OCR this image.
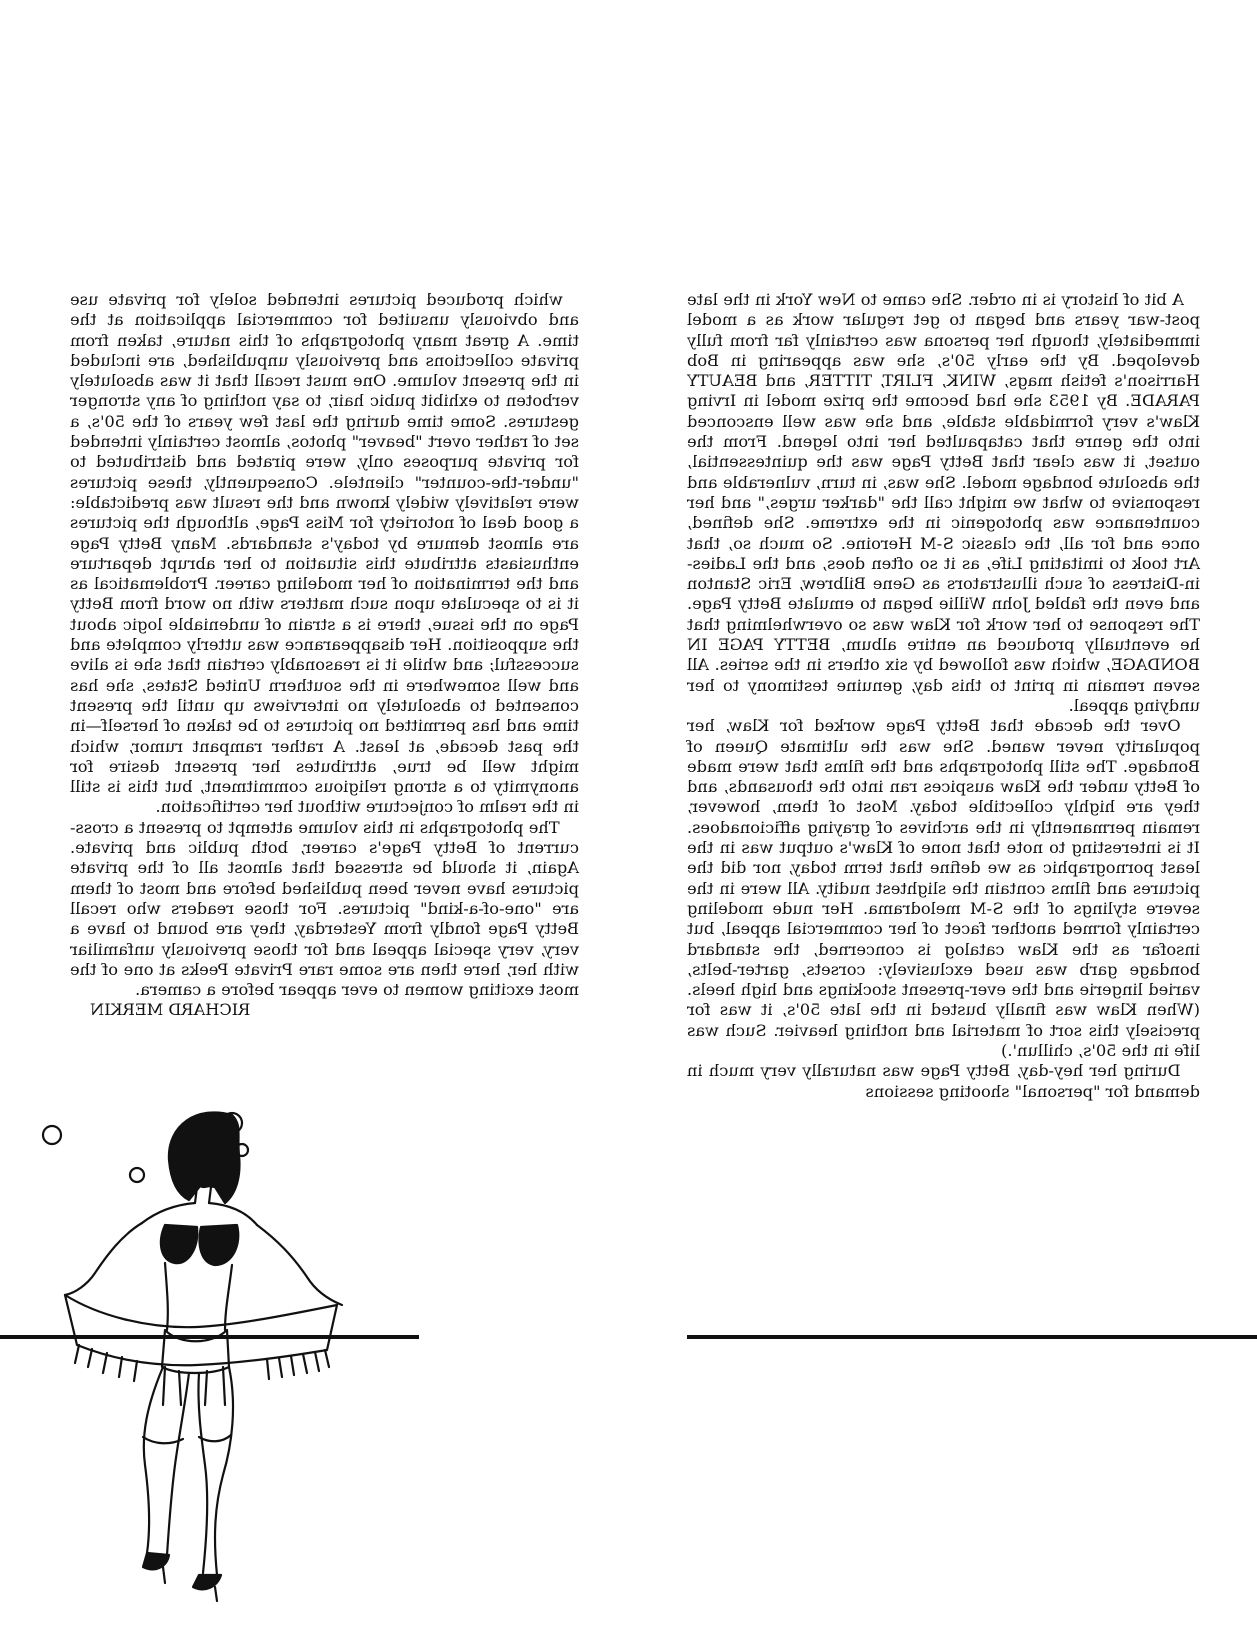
A bit of history is in order. She came to New York in the late post-war years and began to get regular work as a model immediately, though her persona was certainly far from fully developed. By the early 50's, she was appearing in Bob Harrison's fetish mags, WINK, FLIRT, TITTER, and BEAUTY PARADE. By 1953 she had become the prize model in Irving Klaw's very formidable stable, and she was well ensconced into the genre that catapaulted her into legend. From the outset, it was clear that Betty Page was the quintessential, the absolute bondage model. She was, in turn, vulnerable and responsive to what we might call the "darker urges," and her countenance was photogenic in the extreme. She defined, once and for all, the classic S-M Heroine. So much so, that Art took to imitating Life, as it so often does, and the Ladies-in-Distress of such illustrators as Gene Bilbrew, Eric Stanton and even the fabled John Willie began to emulate Betty Page. The response to her work for Klaw was so overwhelming that he eventually produced an entire album, BETTY PAGE IN BONDAGE, which was followed by six others in the series. All seven remain in print to this day, genuine testimony to her undying appeal.

Over the decade that Betty Page worked for Klaw, her popularity never waned. She was the ultimate Queen of Bondage. The still photographs and the films that were made of Betty under the Klaw auspices ran into the thousands, and they are highly collectible today. Most of them, however, remain permanently in the archives of graying afficionadoes. It is interesting to note that none of Klaw's output was in the least pornographic as we define that term today, nor did the pictures and films contain the slightest nudity. All were in the severe stylings of the S-M melodrama. Her nude modeling certainly formed another facet of her commercial appeal, but insofar as the Klaw catalog is concerned, the standard bondage garb was used exclusively: corsets, garter-belts, varied lingerie and the ever-present stockings and high heels. (When Klaw was finally busted in the late 50's, it was for precisely this sort of material and nothing heavier. Such was life in the 50's, chillun'.)

During her hey-day, Betty Page was naturally very much in demand for "personal" shooting sessions

which produced pictures intended solely for private use and obviously unsuited for commercial application at the time. A great many photographs of this nature, taken from private collections and previously unpublished, are included in the present volume. One must recall that it was absolutely verboten to exhibit pubic hair, to say nothing of any stronger gestures. Some time during the last few years of the 50's, a set of rather overt "beaver" photos, almost certainly intended for private purposes only, were pirated and distributed to "under-the-counter" clientele. Consequently, these pictures were relatively widely known and the result was predictable: a good deal of notoriety for Miss Page, although the pictures are almost demure by today's standards. Many Betty Page enthusiasts attribute this situation to her abrupt departure and the termination of her modeling career. Problematical as it is to speculate upon such matters with no word from Betty Page on the issue, there is a strain of undeniable logic about the supposition. Her disappearance was utterly complete and successful; and while it is reasonably certain that she is alive and well somewhere in the southern United States, she has consented to absolutely no interviews up until the present time and has permitted no pictures to be taken of herself—in the past decade, at least. A rather rampant rumor, which might well be true, attributes her present desire for anonymity to a strong religious commitment, but this is still in the realm of conjecture without her certification.

The photographs in this volume attempt to present a cross-current of Betty Page's career, both public and private. Again, it should be stressed that almost all of the private pictures have never been published before and most of them are "one-of-a-kind" pictures. For those readers who recall Betty Page fondly from Yesterday, they are bound to have a very, very special appeal and for those previously unfamiliar with her, here then are some rare Private Peeks at one of the most exciting women to ever appear before a camera.

RICHARD MERKIN
